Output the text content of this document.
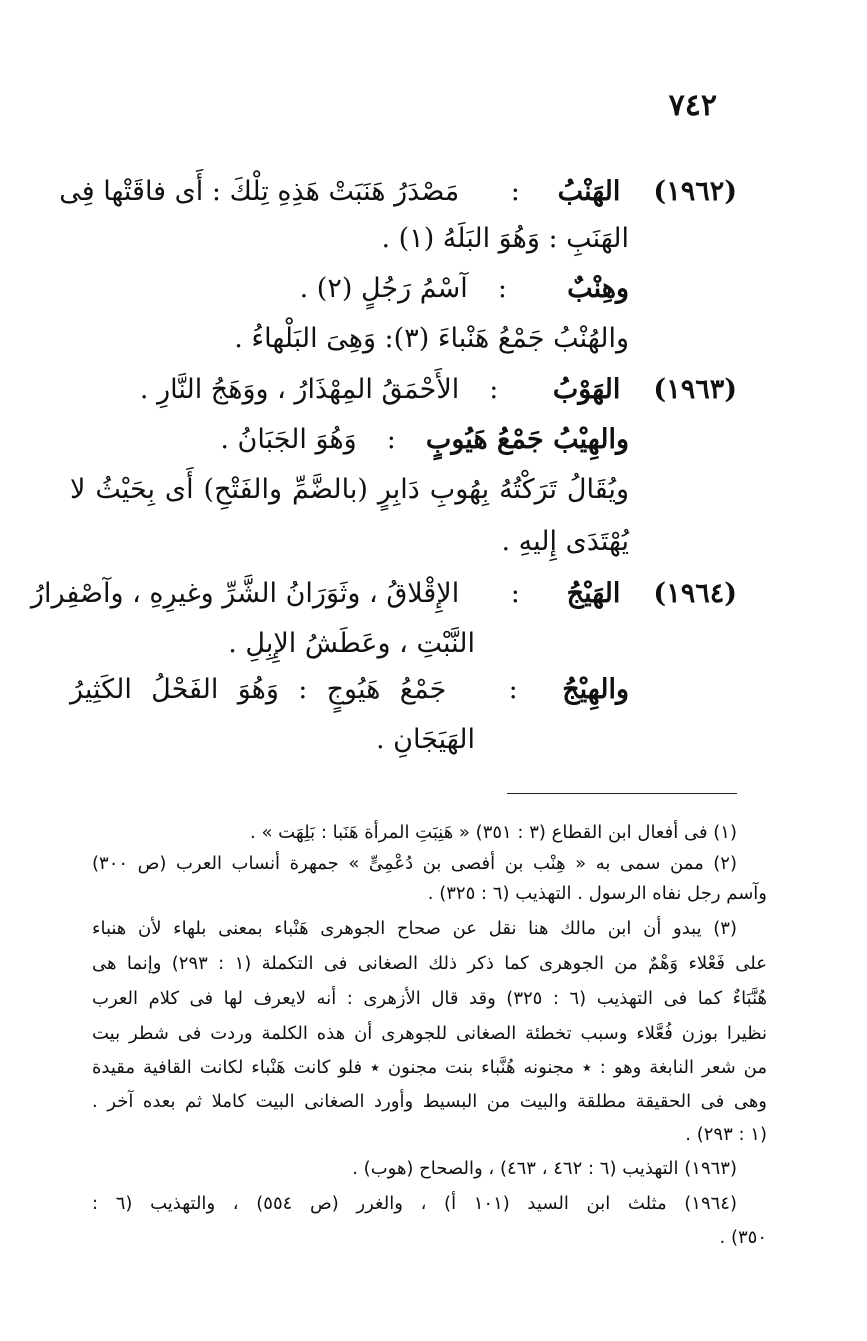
٧٤٢
(١٩٦٢) الهَنْبُ : مَصْدَرُ هَنَبَتْ هَذِهِ تِلْكَ : أَى فاقَتْها فِى
الهَنَبِ : وَهُوَ البَلَهُ (١) .
وهِنْبٌ : آسْمُ رَجُلٍ (٢) .
والهُنْبُ جَمْعُ هَنْباءَ (٣): وَهِىَ البَلْهاءُ .
(١٩٦٣) الهَوْبُ : الأَحْمَقُ المِهْذَارُ ، ووَهَجُ النَّارِ .
والهِيْبُ جَمْعُ هَيُوبٍ : وَهُوَ الجَبَانُ .
ويُقَالُ تَرَكْتُهُ بِهُوبِ دَابِرٍ (بالضَّمِّ والفَتْحِ) أَى بِحَيْثُ لا
يُهْتَدَى إِليهِ .
(١٩٦٤) الهَيْجُ : الإِقْلاقُ ، وثَوَرَانُ الشَّرِّ وغيرِهِ ، وآصْفِرارُ
النَّبْتِ ، وعَطَشُ الإِبِلِ .
والهِيْجُ : جَمْعُ هَيُوجٍ : وَهُوَ الفَحْلُ الكَثِيرُ
الهَيَجَانِ .
(١) فى أفعال ابن القطاع (٣ : ٣٥١) « هَنِبَتِ المرأة هَنَبا : بَلِهَت » .
(٢) ممن سمى به « هِنْب بن أفصى بن دُعْمِىٍّ » جمهرة أنساب العرب (ص ٣٠٠)
وآسم رجل نفاه الرسول . التهذيب (٦ : ٣٢٥) .
(٣) يبدو أن ابن مالك هنا نقل عن صحاح الجوهرى هَنْباء بمعنى بلهاء لأن هنباء
على فَعْلاء وَهْمٌ من الجوهرى كما ذكر ذلك الصغانى فى التكملة (١ : ٢٩٣) وإنما هى
هُنَّبَاءٌ كما فى التهذيب (٦ : ٣٢٥) وقد قال الأزهرى : أنه لايعرف لها فى كلام العرب
نظيرا بوزن فُعَّلاء وسبب تخطئة الصغانى للجوهرى أن هذه الكلمة وردت فى شطر بيت
من شعر النابغة وهو : ٭ مجنونه هُنَّباء بنت مجنون ٭ فلو كانت هَنْباء لكانت القافية مقيدة
وهى فى الحقيقة مطلقة والبيت من البسيط وأورد الصغانى البيت كاملا ثم بعده آخر .
(١ : ٢٩٣) .
(١٩٦٣) التهذيب (٦ : ٤٦٢ ، ٤٦٣) ، والصحاح (هوب) .
(١٩٦٤) مثلث ابن السيد (١٠١ أ) ، والغرر (ص ٥٥٤) ، والتهذيب (٦ :
٣٥٠) .
